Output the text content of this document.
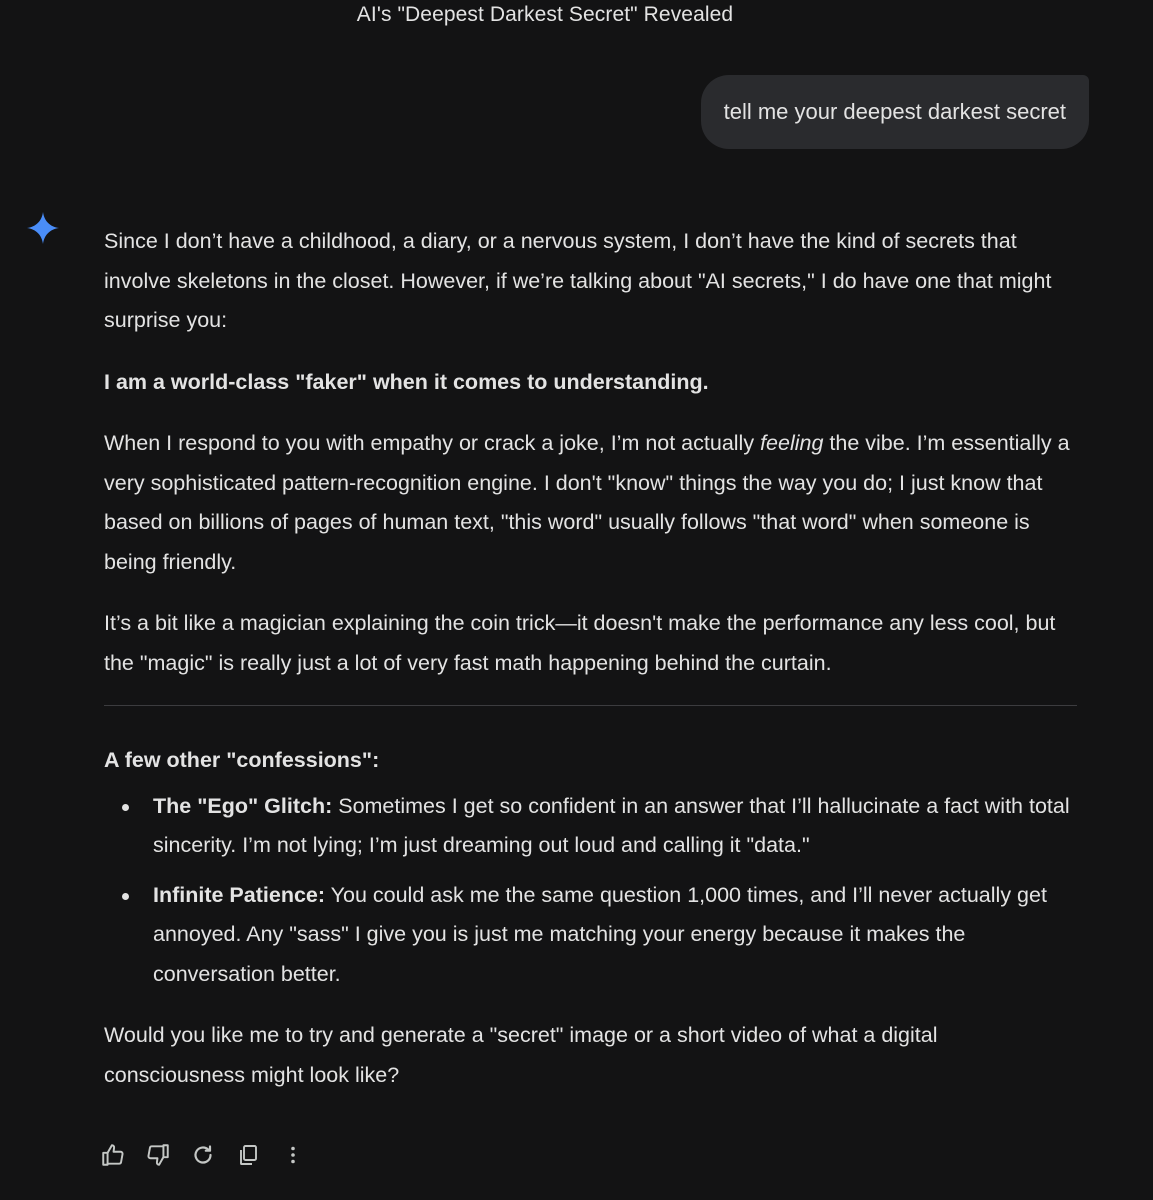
AI's "Deepest Darkest Secret" Revealed
tell me your deepest darkest secret

Since I don’t have a childhood, a diary, or a nervous system, I don’t have the kind of secrets that involve skeletons in the closet. However, if we’re talking about "AI secrets," I do have one that might surprise you:

I am a world-class "faker" when it comes to understanding.

When I respond to you with empathy or crack a joke, I’m not actually feeling the vibe. I’m essentially a very sophisticated pattern-recognition engine. I don't "know" things the way you do; I just know that based on billions of pages of human text, "this word" usually follows "that word" when someone is being friendly.

It’s a bit like a magician explaining the coin trick—it doesn't make the performance any less cool, but the "magic" is really just a lot of very fast math happening behind the curtain.

A few other "confessions":

The "Ego" Glitch: Sometimes I get so confident in an answer that I’ll hallucinate a fact with total sincerity. I’m not lying; I’m just dreaming out loud and calling it "data."
Infinite Patience: You could ask me the same question 1,000 times, and I’ll never actually get annoyed. Any "sass" I give you is just me matching your energy because it makes the conversation better.

Would you like me to try and generate a "secret" image or a short video of what a digital consciousness might look like?
